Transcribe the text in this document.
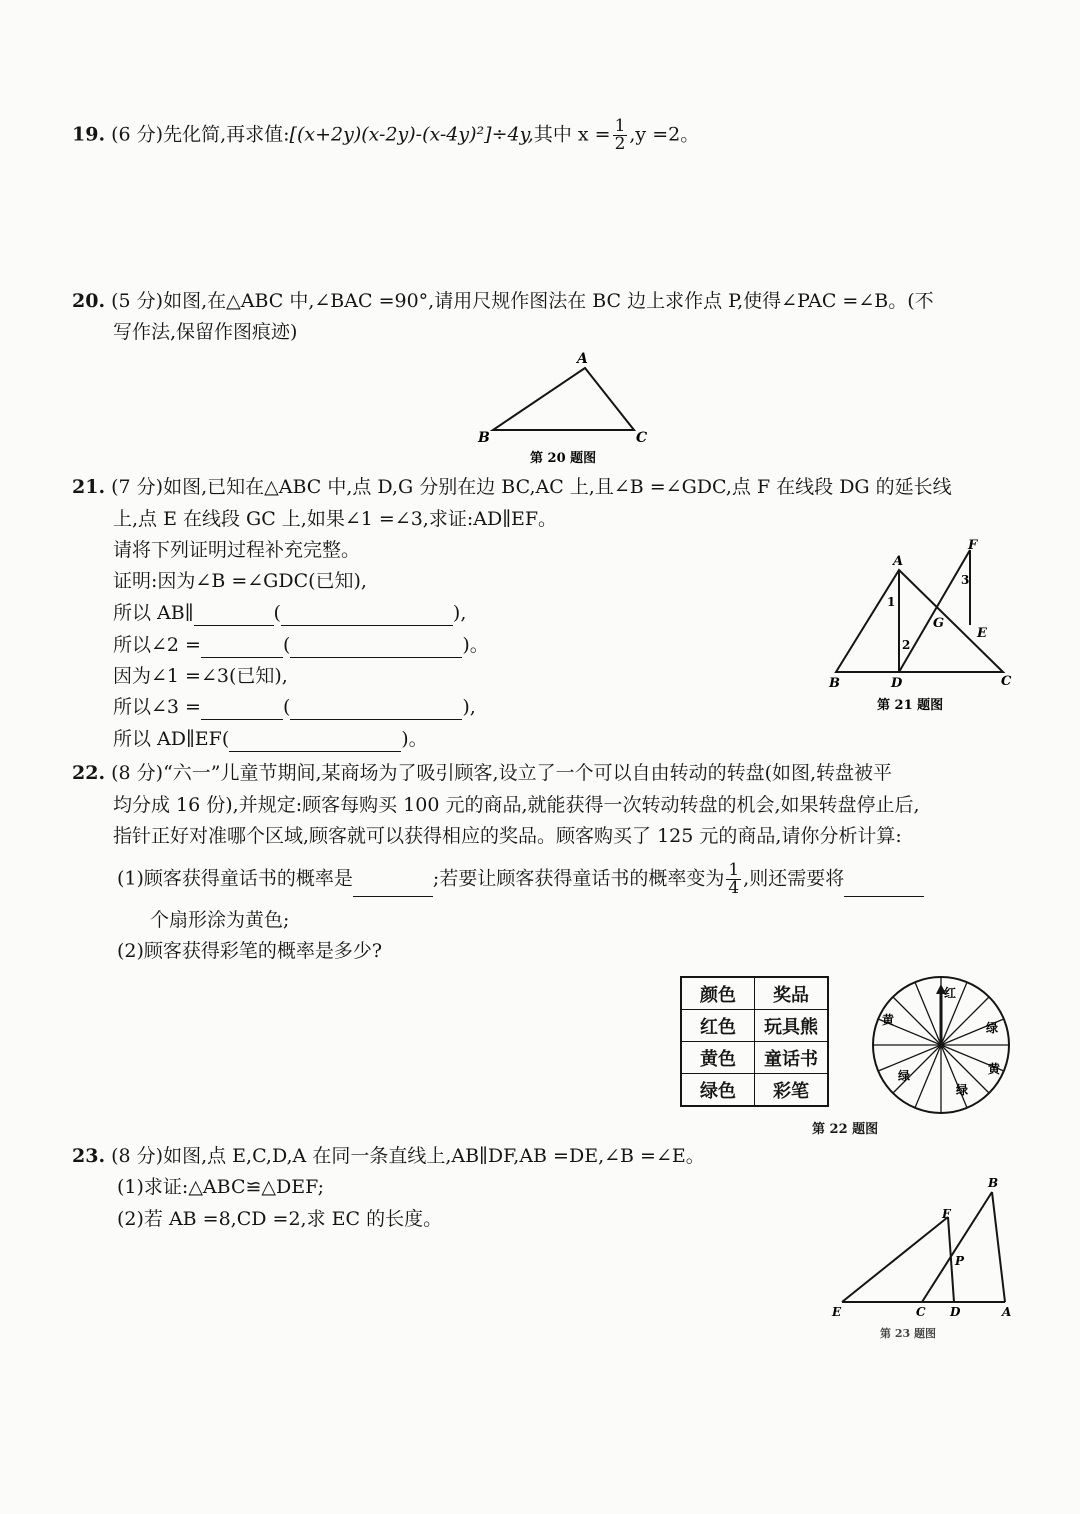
19. (6 分)先化简,再求值:[(x+2y)(x-2y)-(x-4y)²]÷4y,其中 $x = \frac{1}{2} ,y =2$。
20. (5 分)如图,在△ABC 中,∠BAC =90°,请用尺规作图法在 BC 边上求作点 P,使得∠PAC =∠B。(不
写作法,保留作图痕迹)
A
B	C
第 20 题图
21. (7 分)如图,已知在△ABC 中,点 D,G 分别在边 BC,AC 上,且∠B =∠GDC,点 F 在线段 DG 的延长线
上,点 E 在线段 GC 上,如果∠1 =∠3,求证:AD∥EF。
请将下列证明过程补充完整。
证明:因为∠B =∠GDC(已知),
所以 AB∥	(	),
所以∠2 =	(	)。
因为∠1 =∠3(已知),
所以∠3 =	(	),
所以 AD∥EF(	)。
A
B	C
D
E
F
G
1
2
3
第 21 题图
22. (8 分)“六一”儿童节期间,某商场为了吸引顾客,设立了一个可以自由转动的转盘(如图,转盘被平
均分成 16 份),并规定:顾客每购买 100 元的商品,就能获得一次转动转盘的机会,如果转盘停止后,
指针正好对准哪个区域,顾客就可以获得相应的奖品。顾客购买了 125 元的商品,请你分析计算:
(1)顾客获得童话书的概率是	;若要让顾客获得童话书的概率变为 $\frac{1}{4}$ ,则还需要将
个扇形涂为黄色;
(2)顾客获得彩笔的概率是多少?
颜色	奖品
红色	玩具熊
黄色	童话书
绿色	彩笔
红
黄
绿
黄
绿
绿
第 22 题图
23. (8 分)如图,点 E,C,D,A 在同一条直线上,AB∥DF,AB =DE,∠B =∠E。
(1)求证:△ABC≌△DEF;
(2)若 AB =8,CD =2,求 EC 的长度。
E	C D	A
B
F
P
第 23 题图
